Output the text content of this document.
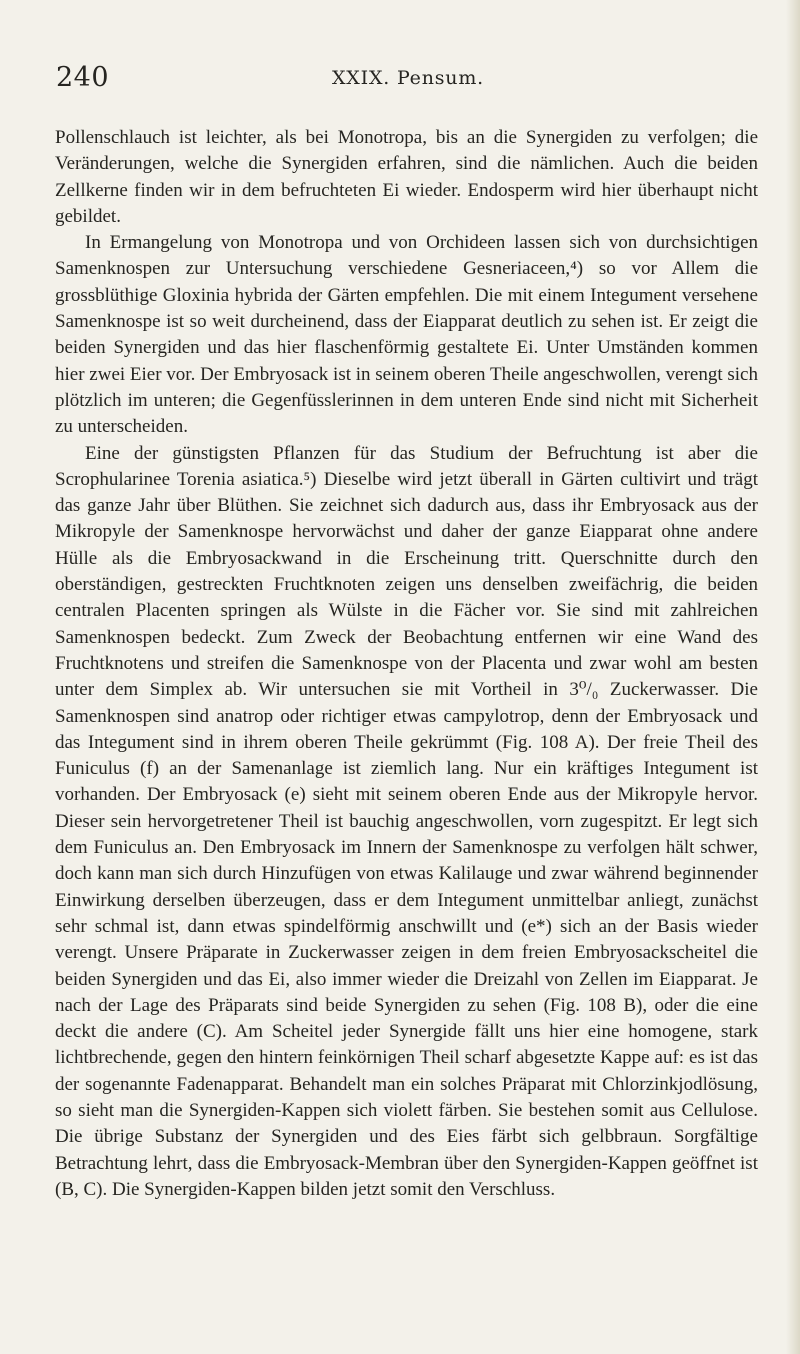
240	XXIX. Pensum.

Pollenschlauch ist leichter, als bei Monotropa, bis an die Synergiden zu verfolgen; die Veränderungen, welche die Synergiden erfahren, sind die nämlichen. Auch die beiden Zellkerne finden wir in dem befruchteten Ei wieder. Endosperm wird hier überhaupt nicht gebildet.

In Ermangelung von Monotropa und von Orchideen lassen sich von durchsichtigen Samenknospen zur Untersuchung verschiedene Gesneriaceen,⁴) so vor Allem die grossblüthige Gloxinia hybrida der Gärten empfehlen. Die mit einem Integument versehene Samenknospe ist so weit durcheinend, dass der Eiapparat deutlich zu sehen ist. Er zeigt die beiden Synergiden und das hier flaschenförmig gestaltete Ei. Unter Umständen kommen hier zwei Eier vor. Der Embryosack ist in seinem oberen Theile angeschwollen, verengt sich plötzlich im unteren; die Gegenfüsslerinnen in dem unteren Ende sind nicht mit Sicherheit zu unterscheiden.

Eine der günstigsten Pflanzen für das Studium der Befruchtung ist aber die Scrophularinee Torenia asiatica.⁵) Dieselbe wird jetzt überall in Gärten cultivirt und trägt das ganze Jahr über Blüthen. Sie zeichnet sich dadurch aus, dass ihr Embryosack aus der Mikropyle der Samenknospe hervorwächst und daher der ganze Eiapparat ohne andere Hülle als die Embryosackwand in die Erscheinung tritt. Querschnitte durch den oberständigen, gestreckten Fruchtknoten zeigen uns denselben zweifächrig, die beiden centralen Placenten springen als Wülste in die Fächer vor. Sie sind mit zahlreichen Samenknospen bedeckt. Zum Zweck der Beobachtung entfernen wir eine Wand des Fruchtknotens und streifen die Samenknospe von der Placenta und zwar wohl am besten unter dem Simplex ab. Wir untersuchen sie mit Vortheil in 3⁰/₀ Zuckerwasser. Die Samenknospen sind anatrop oder richtiger etwas campylotrop, denn der Embryosack und das Integument sind in ihrem oberen Theile gekrümmt (Fig. 108 A). Der freie Theil des Funiculus (f) an der Samenanlage ist ziemlich lang. Nur ein kräftiges Integument ist vorhanden. Der Embryosack (e) sieht mit seinem oberen Ende aus der Mikropyle hervor. Dieser sein hervorgetretener Theil ist bauchig angeschwollen, vorn zugespitzt. Er legt sich dem Funiculus an. Den Embryosack im Innern der Samenknospe zu verfolgen hält schwer, doch kann man sich durch Hinzufügen von etwas Kalilauge und zwar während beginnender Einwirkung derselben überzeugen, dass er dem Integument unmittelbar anliegt, zunächst sehr schmal ist, dann etwas spindelförmig anschwillt und (e*) sich an der Basis wieder verengt. Unsere Präparate in Zuckerwasser zeigen in dem freien Embryosackscheitel die beiden Synergiden und das Ei, also immer wieder die Dreizahl von Zellen im Eiapparat. Je nach der Lage des Präparats sind beide Synergiden zu sehen (Fig. 108 B), oder die eine deckt die andere (C). Am Scheitel jeder Synergide fällt uns hier eine homogene, stark lichtbrechende, gegen den hintern feinkörnigen Theil scharf abgesetzte Kappe auf: es ist das der sogenannte Fadenapparat. Behandelt man ein solches Präparat mit Chlorzinkjodlösung, so sieht man die Synergiden-Kappen sich violett färben. Sie bestehen somit aus Cellulose. Die übrige Substanz der Synergiden und des Eies färbt sich gelbbraun. Sorgfältige Betrachtung lehrt, dass die Embryosack-Membran über den Synergiden-Kappen geöffnet ist (B, C). Die Synergiden-Kappen bilden jetzt somit den Verschluss.
